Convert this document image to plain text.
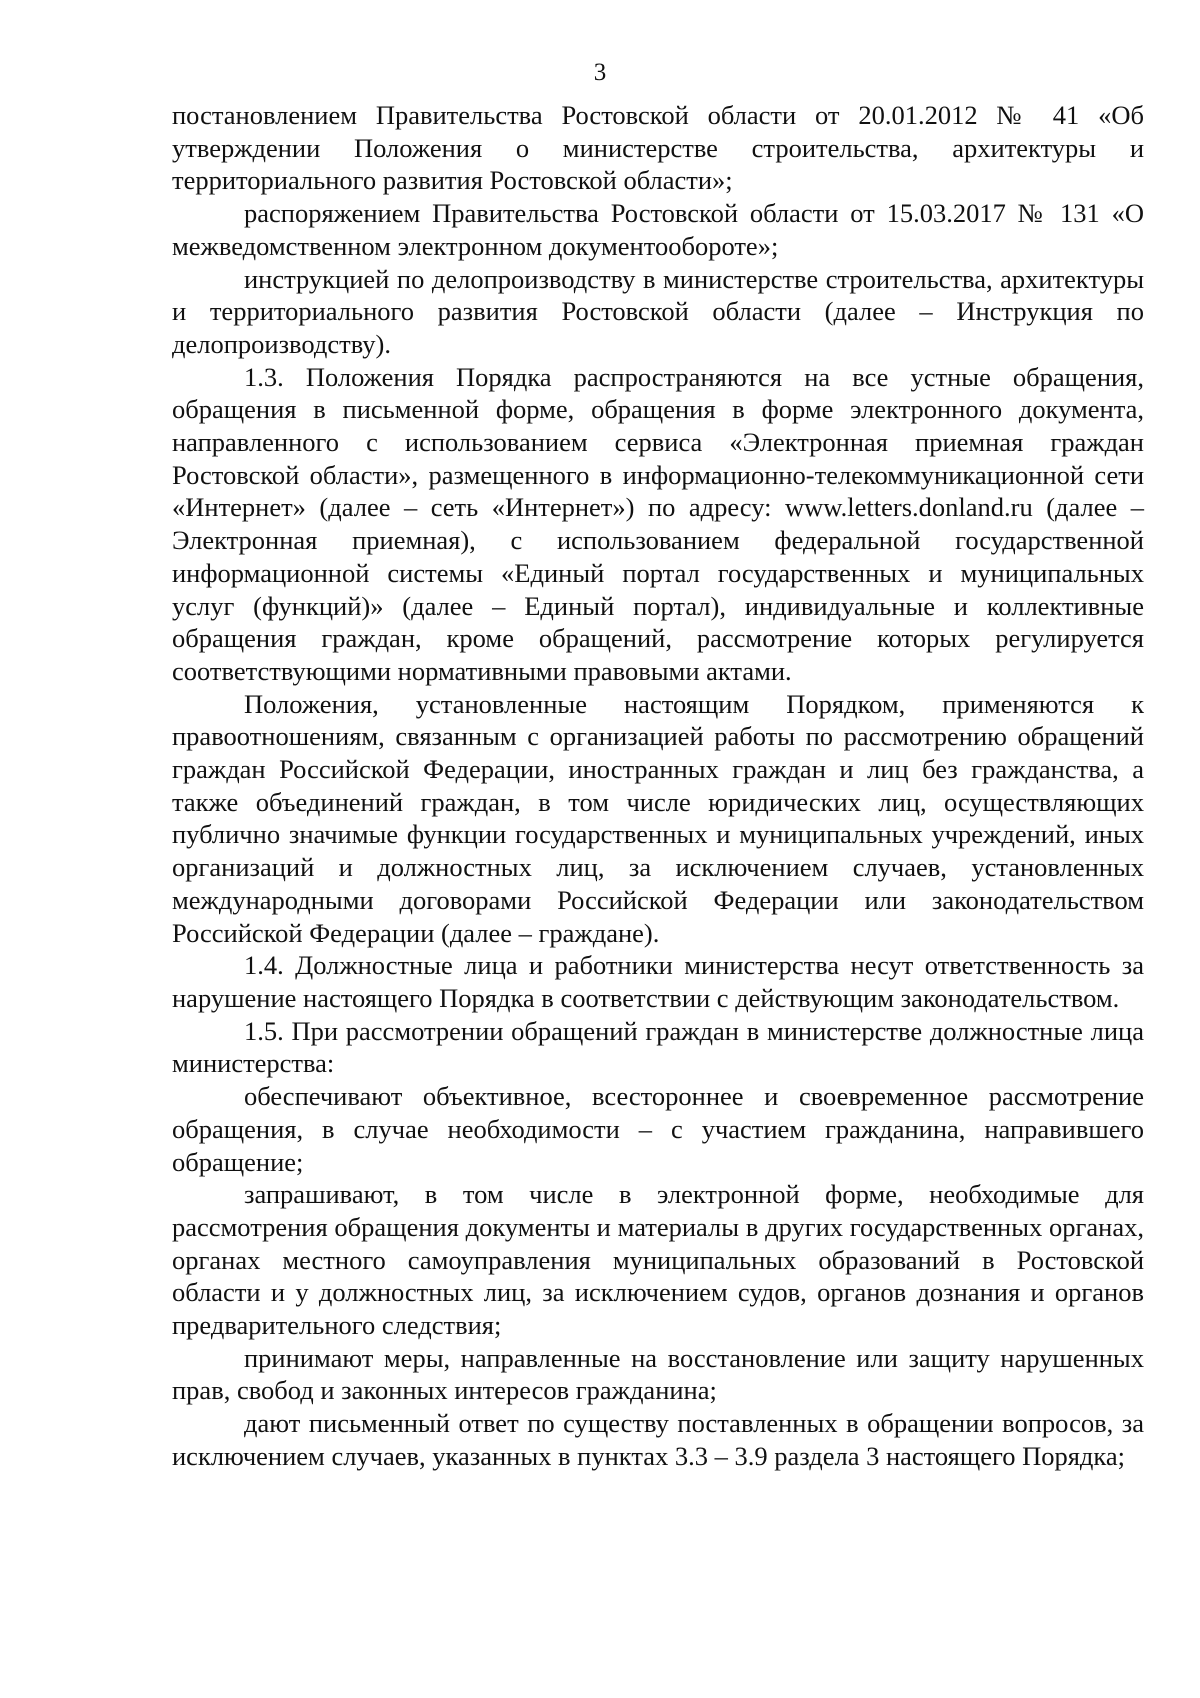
3

постановлением Правительства Ростовской области от 20.01.2012 № 41 «Об утверждении Положения о министерстве строительства, архитектуры и территориального развития Ростовской области»;

распоряжением Правительства Ростовской области от 15.03.2017 № 131 «О межведомственном электронном документообороте»;

инструкцией по делопроизводству в министерстве строительства, архитектуры и территориального развития Ростовской области (далее – Инструкция по делопроизводству).

1.3. Положения Порядка распространяются на все устные обращения, обращения в письменной форме, обращения в форме электронного документа, направленного с использованием сервиса «Электронная приемная граждан Ростовской области», размещенного в информационно-телекоммуникационной сети «Интернет» (далее – сеть «Интернет») по адресу: www.letters.donland.ru (далее – Электронная приемная), с использованием федеральной государственной информационной системы «Единый портал государственных и муниципальных услуг (функций)» (далее – Единый портал), индивидуальные и коллективные обращения граждан, кроме обращений, рассмотрение которых регулируется соответствующими нормативными правовыми актами.

Положения, установленные настоящим Порядком, применяются к правоотношениям, связанным с организацией работы по рассмотрению обращений граждан Российской Федерации, иностранных граждан и лиц без гражданства, а также объединений граждан, в том числе юридических лиц, осуществляющих публично значимые функции государственных и муниципальных учреждений, иных организаций и должностных лиц, за исключением случаев, установленных международными договорами Российской Федерации или законодательством Российской Федерации (далее – граждане).

1.4. Должностные лица и работники министерства несут ответственность за нарушение настоящего Порядка в соответствии с действующим законодательством.

1.5. При рассмотрении обращений граждан в министерстве должностные лица министерства:

обеспечивают объективное, всестороннее и своевременное рассмотрение обращения, в случае необходимости – с участием гражданина, направившего обращение;

запрашивают, в том числе в электронной форме, необходимые для рассмотрения обращения документы и материалы в других государственных органах, органах местного самоуправления муниципальных образований в Ростовской области и у должностных лиц, за исключением судов, органов дознания и органов предварительного следствия;

принимают меры, направленные на восстановление или защиту нарушенных прав, свобод и законных интересов гражданина;

дают письменный ответ по существу поставленных в обращении вопросов, за исключением случаев, указанных в пунктах 3.3 – 3.9 раздела 3 настоящего Порядка;
